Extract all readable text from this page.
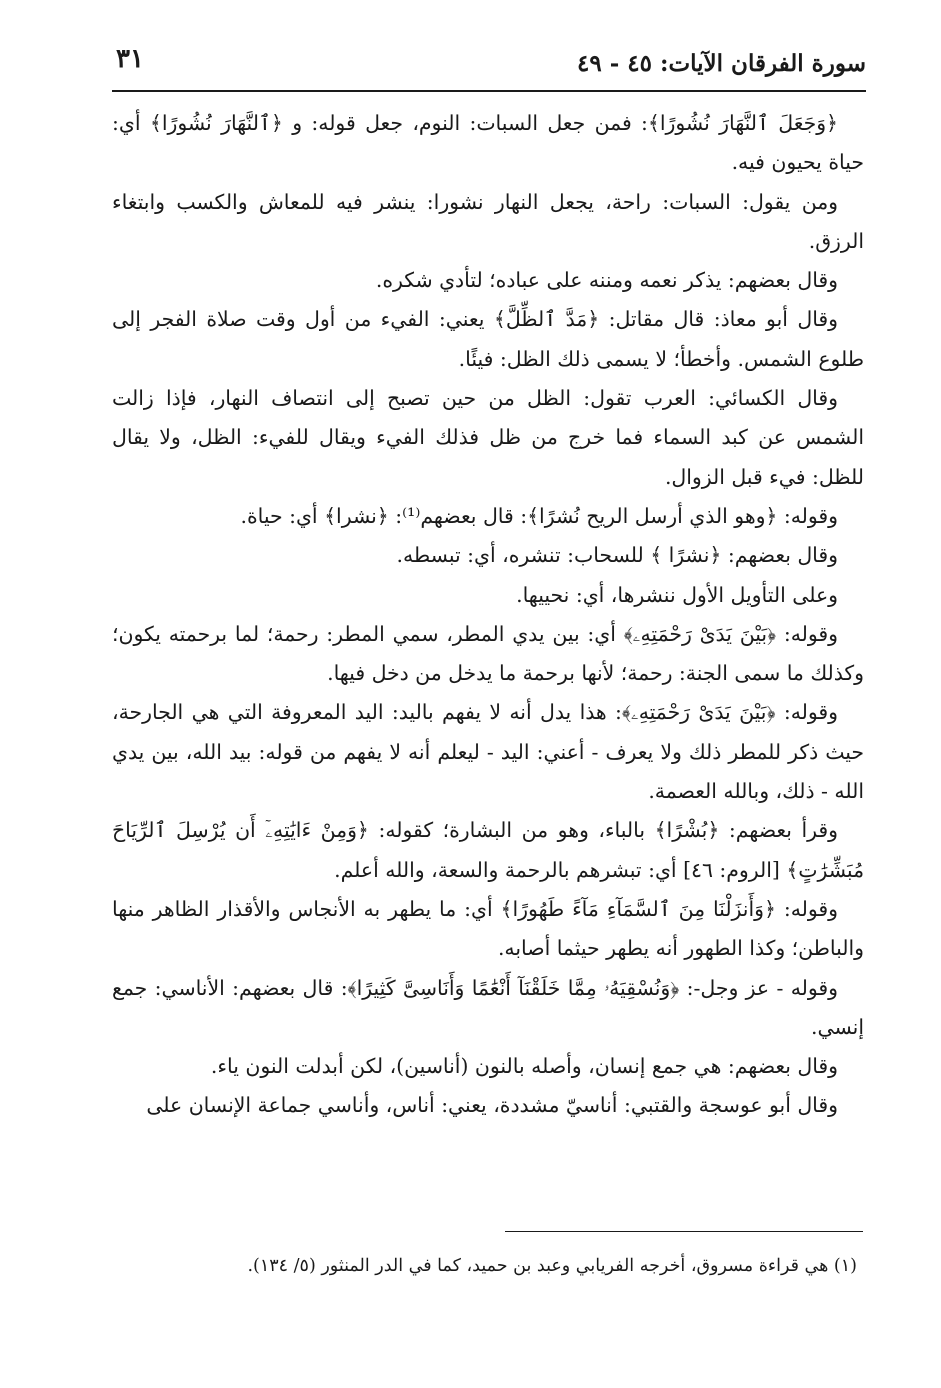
سورة الفرقان الآيات: ٤٥ - ٤٩
٣١

﴿وَجَعَلَ ٱلنَّهَارَ نُشُورًا﴾: فمن جعل السبات: النوم، جعل قوله: و ﴿ٱلنَّهَارَ نُشُورًا﴾ أي: حياة يحيون فيه.

ومن يقول: السبات: راحة، يجعل النهار نشورا: ينشر فيه للمعاش والكسب وابتغاء الرزق.

وقال بعضهم: يذكر نعمه ومننه على عباده؛ لتأدي شكره.

وقال أبو معاذ: قال مقاتل: ﴿مَدَّ ٱلظِّلَّ﴾ يعني: الفيء من أول وقت صلاة الفجر إلى طلوع الشمس. وأخطأ؛ لا يسمى ذلك الظل: فيئًا.

وقال الكسائي: العرب تقول: الظل من حين تصبح إلى انتصاف النهار، فإذا زالت الشمس عن كبد السماء فما خرج من ظل فذلك الفيء ويقال للفيء: الظل، ولا يقال للظل: فيء قبل الزوال.

وقوله: ﴿وهو الذي أرسل الريح نُشرًا﴾: قال بعضهم⁽¹⁾: ﴿نشرا﴾ أي: حياة.

وقال بعضهم: ﴿نشرًا ﴾ للسحاب: تنشره، أي: تبسطه.

وعلى التأويل الأول ننشرها، أي: نحييها.

وقوله: ﴿بَيْنَ يَدَىْ رَحْمَتِهِۦ﴾ أي: بين يدي المطر، سمي المطر: رحمة؛ لما برحمته يكون؛ وكذلك ما سمى الجنة: رحمة؛ لأنها برحمة ما يدخل من دخل فيها.

وقوله: ﴿بَيْنَ يَدَىْ رَحْمَتِهِۦ﴾: هذا يدل أنه لا يفهم باليد: اليد المعروفة التي هي الجارحة، حيث ذكر للمطر ذلك ولا يعرف - أعني: اليد - ليعلم أنه لا يفهم من قوله: بيد الله، بين يدي الله - ذلك، وبالله العصمة.

وقرأ بعضهم: ﴿بُشْرًا﴾ بالباء، وهو من البشارة؛ كقوله: ﴿وَمِنْ ءَايَٰتِهِۦٓ أَن يُرْسِلَ ٱلرِّيَاحَ مُبَشِّرَٰتٍ﴾ [الروم: ٤٦] أي: تبشرهم بالرحمة والسعة، والله أعلم.

وقوله: ﴿وَأَنزَلْنَا مِنَ ٱلسَّمَآءِ مَآءً طَهُورًا﴾ أي: ما يطهر به الأنجاس والأقذار الظاهر منها والباطن؛ وكذا الطهور أنه يطهر حيثما أصابه.

وقوله - عز وجل-: ﴿وَنُسْقِيَهُۥ مِمَّا خَلَقْنَآ أَنْعَٰمًا وَأَنَاسِىَّ كَثِيرًا﴾: قال بعضهم: الأناسي: جمع إنسي.

وقال بعضهم: هي جمع إنسان، وأصله بالنون (أناسين)، لكن أبدلت النون ياء.

وقال أبو عوسجة والقتبي: أناسيّ مشددة، يعني: أناس، وأناسي جماعة الإنسان على

(١) هي قراءة مسروق، أخرجه الفريابي وعبد بن حميد، كما في الدر المنثور (٥/ ١٣٤).
